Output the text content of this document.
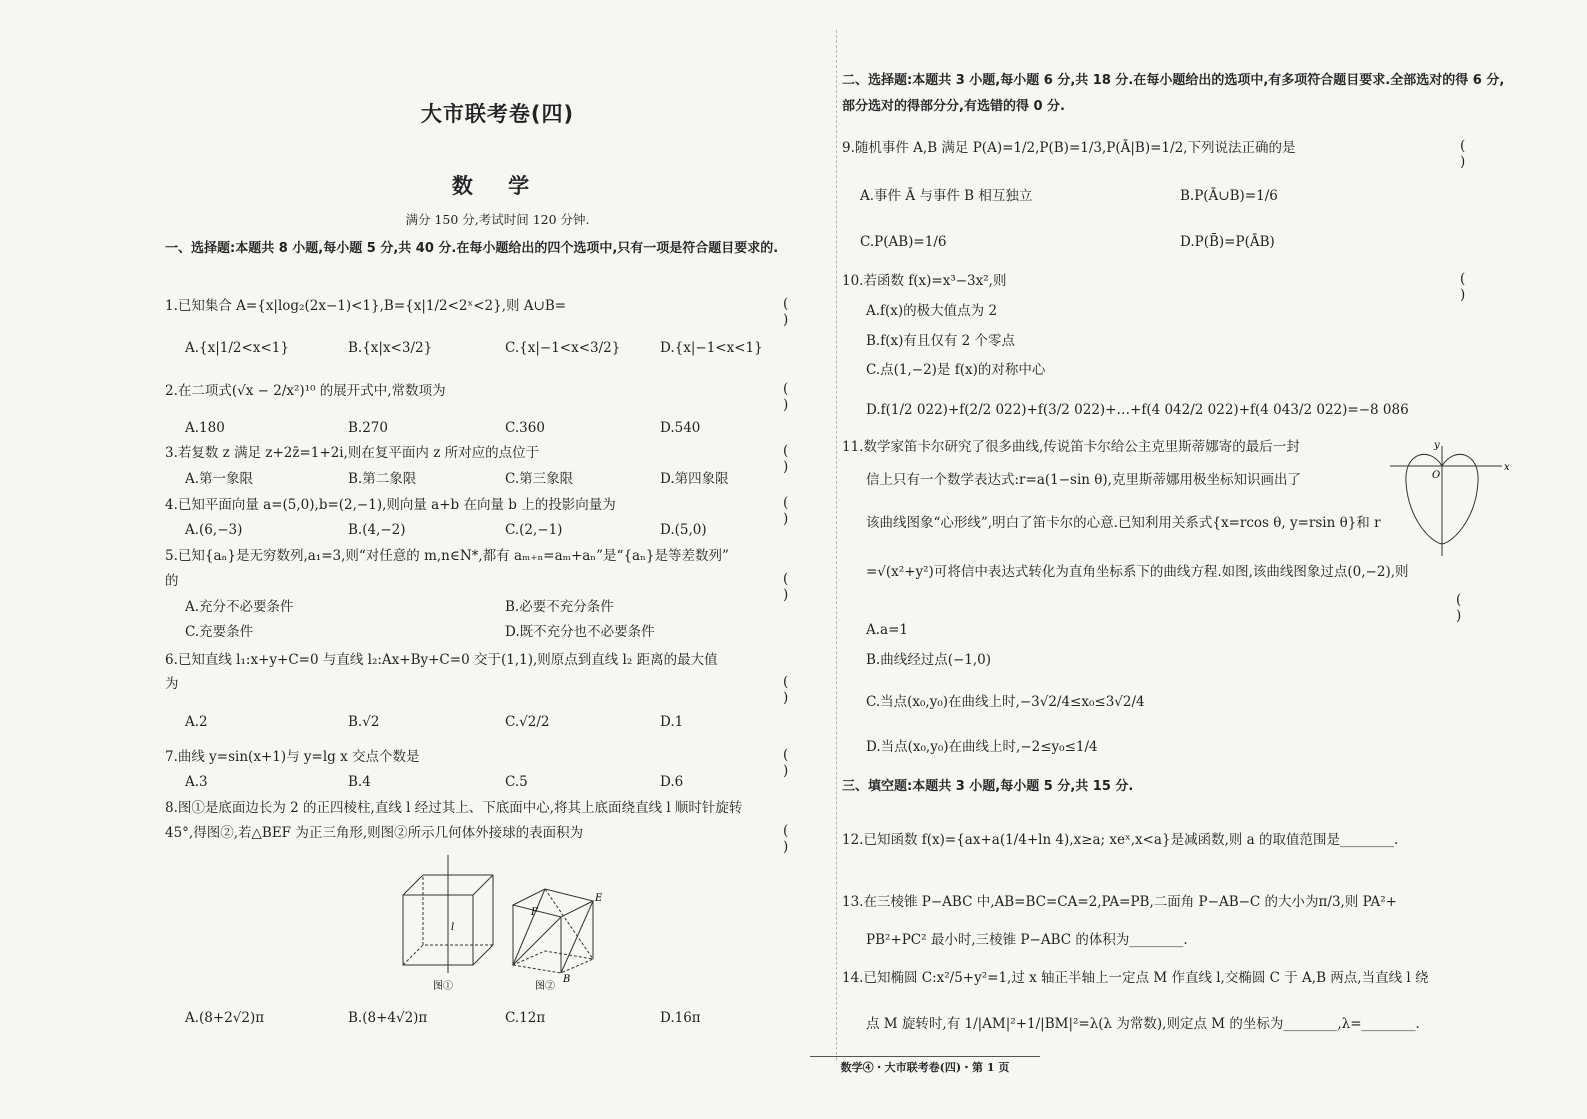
大市联考卷(四)
数 学
满分 150 分,考试时间 120 分钟.
一、选择题:本题共 8 小题,每小题 5 分,共 40 分.在每小题给出的四个选项中,只有一项是符合题目要求的.
1.已知集合 A={x|log₂(2x−1)<1},B={x|1/2<2ˣ<2},则 A∪B=	( )
A.{x|1/2<x<1}	B.{x|x<3/2}	C.{x|−1<x<3/2}	D.{x|−1<x<1}
2.在二项式(√x − 2/x²)¹⁰ 的展开式中,常数项为	( )
A.180	B.270	C.360	D.540
3.若复数 z 满足 z+2z̄=1+2i,则在复平面内 z 所对应的点位于	( )
A.第一象限	B.第二象限	C.第三象限	D.第四象限
4.已知平面向量 a=(5,0),b=(2,−1),则向量 a+b 在向量 b 上的投影向量为	( )
A.(6,−3)	B.(4,−2)	C.(2,−1)	D.(5,0)
5.已知{aₙ}是无穷数列,a₁=3,则“对任意的 m,n∈N*,都有 aₘ₊ₙ=aₘ+aₙ”是“{aₙ}是等差数列”
的	( )
A.充分不必要条件	B.必要不充分条件
C.充要条件	D.既不充分也不必要条件
6.已知直线 l₁:x+y+C=0 与直线 l₂:Ax+By+C=0 交于(1,1),则原点到直线 l₂ 距离的最大值
为	( )
A.2	B.√2	C.√2/2	D.1
7.曲线 y=sin(x+1)与 y=lg x 交点个数是	( )
A.3	B.4	C.5	D.6
8.图①是底面边长为 2 的正四棱柱,直线 l 经过其上、下底面中心,将其上底面绕直线 l 顺时针旋转
45°,得图②,若△BEF 为正三角形,则图②所示几何体外接球的表面积为	( )
l
图①
E
F
B
图②
A.(8+2√2)π	B.(8+4√2)π	C.12π	D.16π
二、选择题:本题共 3 小题,每小题 6 分,共 18 分.在每小题给出的选项中,有多项符合题目要求.全部选对的得 6 分,部分选对的得部分分,有选错的得 0 分.
9.随机事件 A,B 满足 P(A)=1/2,P(B)=1/3,P(Ā|B)=1/2,下列说法正确的是	( )
A.事件 Ā 与事件 B 相互独立	B.P(Ā∪B)=1/6
C.P(AB)=1/6	D.P(B̄)=P(ĀB)
10.若函数 f(x)=x³−3x²,则	( )
A.f(x)的极大值点为 2
B.f(x)有且仅有 2 个零点
C.点(1,−2)是 f(x)的对称中心
D.f(1/2 022)+f(2/2 022)+f(3/2 022)+…+f(4 042/2 022)+f(4 043/2 022)=−8 086
11.数学家笛卡尔研究了很多曲线,传说笛卡尔给公主克里斯蒂娜寄的最后一封
信上只有一个数学表达式:r=a(1−sin θ),克里斯蒂娜用极坐标知识画出了
该曲线图象“心形线”,明白了笛卡尔的心意.已知利用关系式{x=rcos θ, y=rsin θ}和 r
=√(x²+y²)可将信中表达式转化为直角坐标系下的曲线方程.如图,该曲线图象过点(0,−2),则
( )
x
y
O
A.a=1
B.曲线经过点(−1,0)
C.当点(x₀,y₀)在曲线上时,−3√2/4≤x₀≤3√2/4
D.当点(x₀,y₀)在曲线上时,−2≤y₀≤1/4
三、填空题:本题共 3 小题,每小题 5 分,共 15 分.
12.已知函数 f(x)={ax+a(1/4+ln 4),x≥a; xeˣ,x<a}是减函数,则 a 的取值范围是________.
13.在三棱锥 P−ABC 中,AB=BC=CA=2,PA=PB,二面角 P−AB−C 的大小为π/3,则 PA²+
PB²+PC² 最小时,三棱锥 P−ABC 的体积为________.
14.已知椭圆 C:x²/5+y²=1,过 x 轴正半轴上一定点 M 作直线 l,交椭圆 C 于 A,B 两点,当直线 l 绕
点 M 旋转时,有 1/|AM|²+1/|BM|²=λ(λ 为常数),则定点 M 的坐标为________,λ=________.
数学④・大市联考卷(四)・第 1 页
